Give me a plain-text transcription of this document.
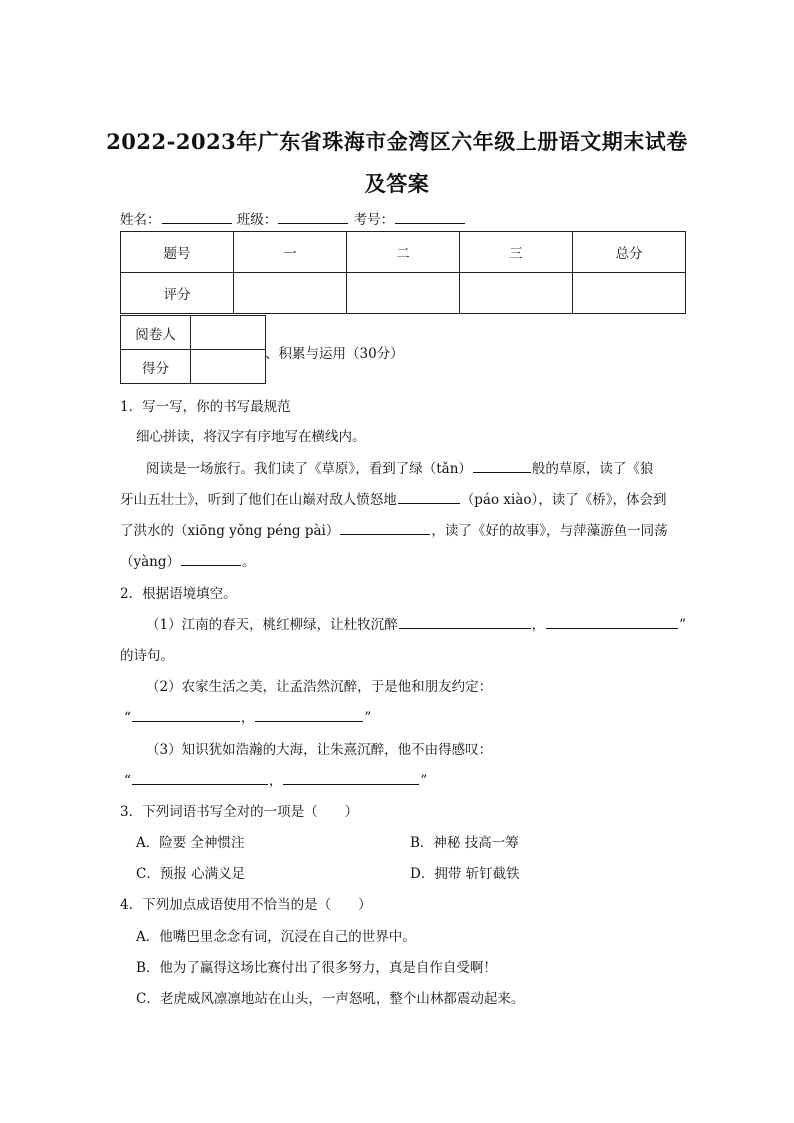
2022-2023年广东省珠海市金湾区六年级上册语文期末试卷
及答案
姓名：	班级：	考号：
题号	一	二	三	总分
评分				
阅卷人	
得分	
、积累与运用（30分）
1．写一写，你的书写最规范
细心拼读，将汉字有序地写在横线内。
阅读是一场旅行。我们读了《草原》，看到了绿（tǎn）	般的草原，读了《狼
牙山五壮士》，听到了他们在山巅对敌人愤怒地	（páo xiào），读了《桥》，体会到
了洪水的（xiōng yǒng péng pài）	，读了《好的故事》，与萍藻游鱼一同荡
（yàng）	。
2．根据语境填空。
（1）江南的春天，桃红柳绿，让杜牧沉醉	，	”
的诗句。
（2）农家生活之美，让孟浩然沉醉，于是他和朋友约定：
“	，	”
（3）知识犹如浩瀚的大海，让朱熹沉醉，他不由得感叹：
“	，	”
3．下列词语书写全对的一项是（　　）
A．险要 全神惯注	B．神秘 技高一筹
C．预报 心满义足	D．拥带 斩钉截铁
4．下列加点成语使用不恰当的是（　　）
A．他嘴巴里念念有词，沉浸在自己的世界中。
B．他为了赢得这场比赛付出了很多努力，真是自作自受啊！
C．老虎威风凛凛地站在山头，一声怒吼，整个山林都震动起来。
